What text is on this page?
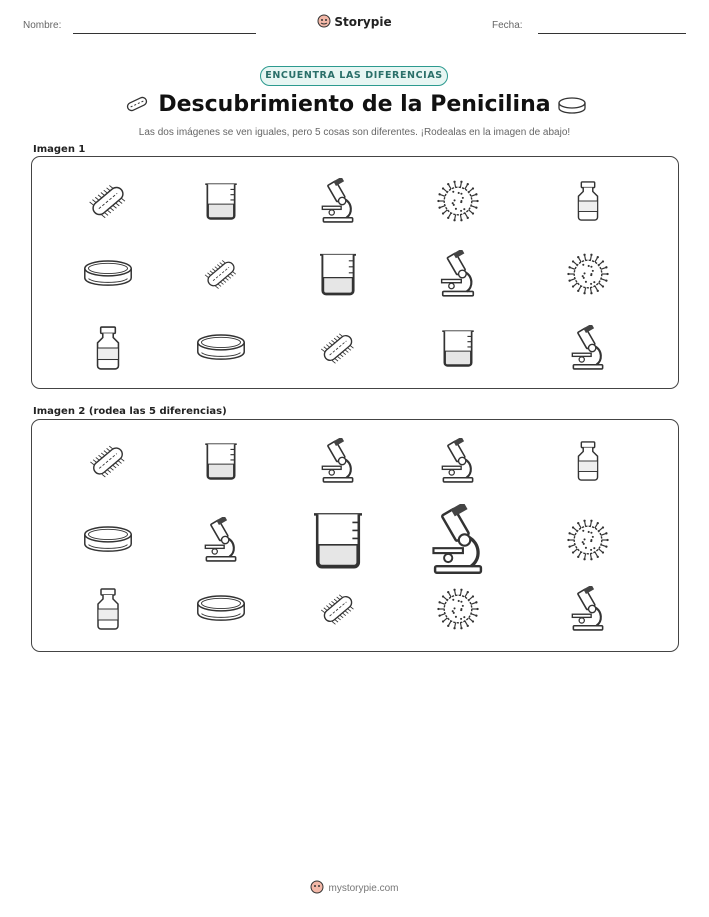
Nombre:	Storypie	Fecha:
ENCUENTRA LAS DIFERENCIAS
Descubrimiento de la Penicilina
Las dos imágenes se ven iguales, pero 5 cosas son diferentes. ¡Rodealas en la imagen de abajo!
Imagen 1
Imagen 2 (rodea las 5 diferencias)
mystorypie.com
